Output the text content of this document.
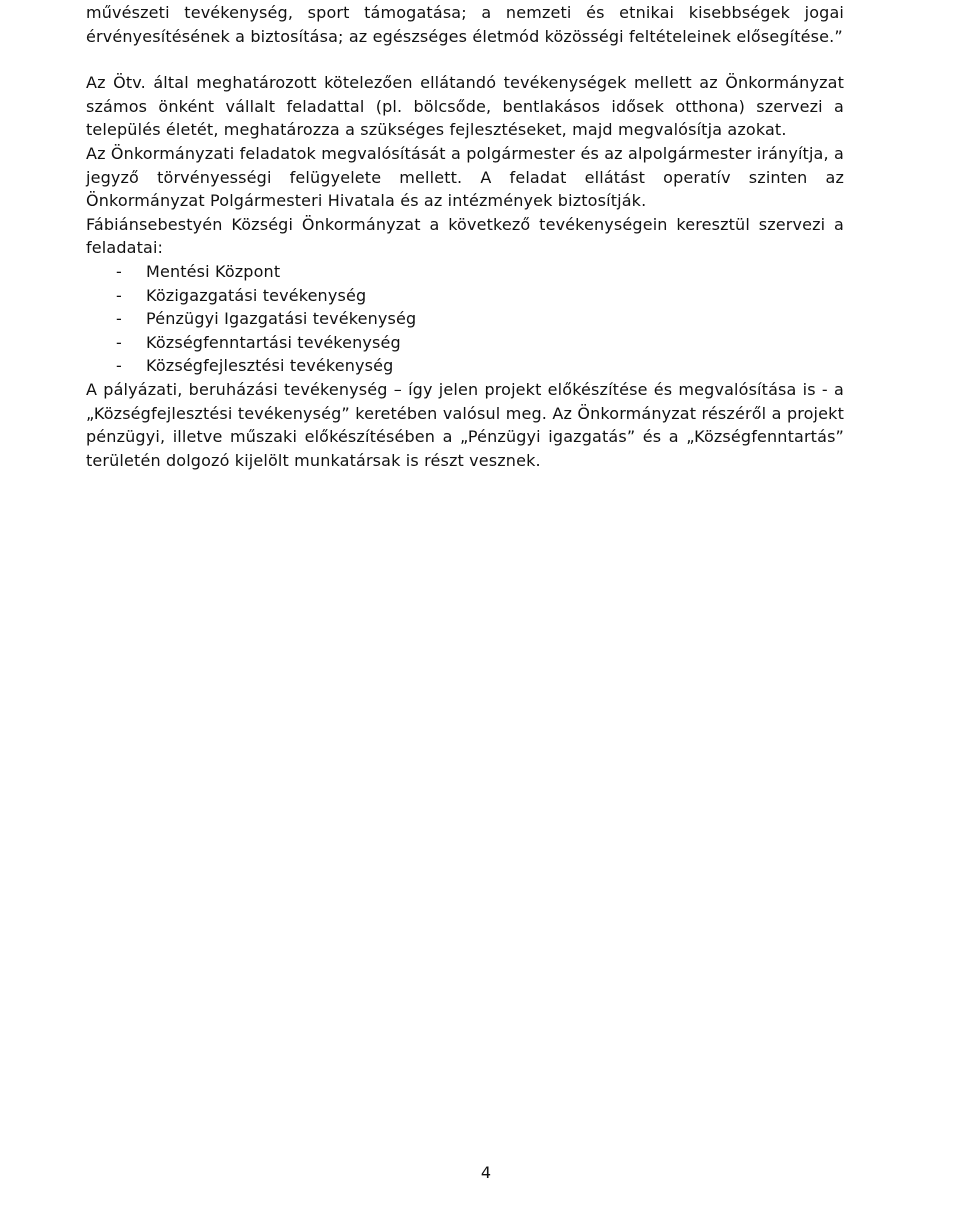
művészeti tevékenység, sport támogatása; a nemzeti és etnikai kisebbségek jogai érvényesítésének a biztosítása; az egészséges életmód közösségi feltételeinek elősegítése.”

Az Ötv. által meghatározott kötelezően ellátandó tevékenységek mellett az Önkormányzat számos önként vállalt feladattal (pl. bölcsőde, bentlakásos idősek otthona) szervezi a település életét, meghatározza a szükséges fejlesztéseket, majd megvalósítja azokat.

Az Önkormányzati feladatok megvalósítását a polgármester és az alpolgármester irányítja, a jegyző törvényességi felügyelete mellett. A feladat ellátást operatív szinten az Önkormányzat Polgármesteri Hivatala és az intézmények biztosítják.

Fábiánsebestyén Községi Önkormányzat a következő tevékenységein keresztül szervezi a feladatai:

- Mentési Központ
- Közigazgatási tevékenység
- Pénzügyi Igazgatási tevékenység
- Községfenntartási tevékenység
- Községfejlesztési tevékenység

A pályázati, beruházási tevékenység – így jelen projekt előkészítése és megvalósítása is - a „Községfejlesztési tevékenység” keretében valósul meg. Az Önkormányzat részéről a projekt pénzügyi, illetve műszaki előkészítésében a „Pénzügyi igazgatás” és a „Községfenntartás” területén dolgozó kijelölt munkatársak is részt vesznek.

4
